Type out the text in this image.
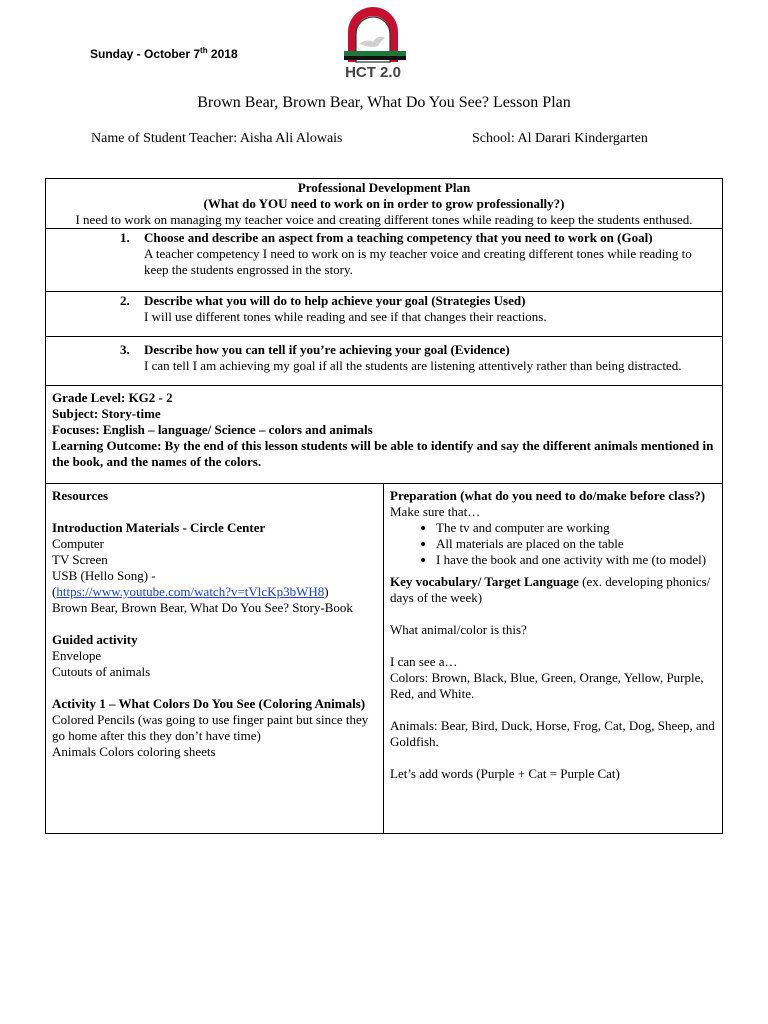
Sunday - October 7th 2018
HCT 2.0
Brown Bear, Brown Bear, What Do You See? Lesson Plan
Name of Student Teacher: Aisha Ali Alowais	School: Al Darari Kindergarten
Professional Development Plan
(What do YOU need to work on in order to grow professionally?)
I need to work on managing my teacher voice and creating different tones while reading to keep the students enthused.
1. Choose and describe an aspect from a teaching competency that you need to work on (Goal)
A teacher competency I need to work on is my teacher voice and creating different tones while reading to keep the students engrossed in the story.
2. Describe what you will do to help achieve your goal (Strategies Used)
I will use different tones while reading and see if that changes their reactions.
3. Describe how you can tell if you’re achieving your goal (Evidence)
I can tell I am achieving my goal if all the students are listening attentively rather than being distracted.
Grade Level: KG2 - 2
Subject: Story-time
Focuses: English – language/ Science – colors and animals
Learning Outcome: By the end of this lesson students will be able to identify and say the different animals mentioned in the book, and the names of the colors.
Resources
Introduction Materials - Circle Center
Computer
TV Screen
USB (Hello Song) -
(https://www.youtube.com/watch?v=tVlcKp3bWH8)
Brown Bear, Brown Bear, What Do You See? Story-Book
Guided activity
Envelope
Cutouts of animals
Activity 1 – What Colors Do You See (Coloring Animals)
Colored Pencils (was going to use finger paint but since they go home after this they don’t have time)
Animals Colors coloring sheets
Preparation (what do you need to do/make before class?)
Make sure that…
• The tv and computer are working
• All materials are placed on the table
• I have the book and one activity with me (to model)
Key vocabulary/ Target Language (ex. developing phonics/ days of the week)
What animal/color is this?
I can see a…
Colors: Brown, Black, Blue, Green, Orange, Yellow, Purple, Red, and White.
Animals: Bear, Bird, Duck, Horse, Frog, Cat, Dog, Sheep, and Goldfish.
Let’s add words (Purple + Cat = Purple Cat)
